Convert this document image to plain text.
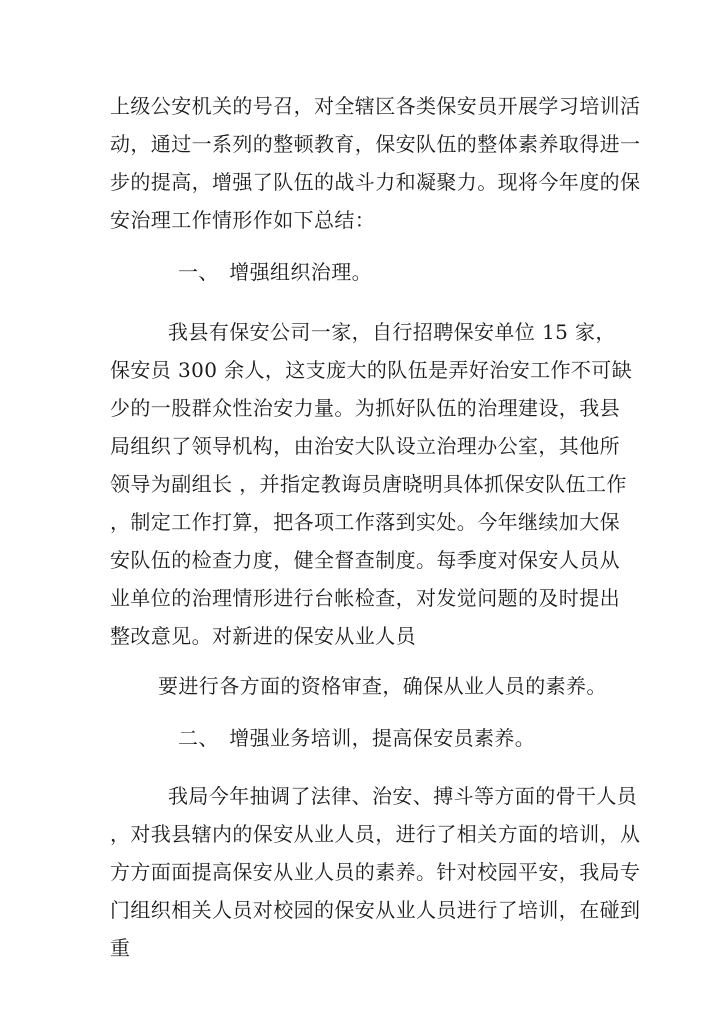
上级公安机关的号召，对全辖区各类保安员开展学习培训活
动，通过一系列的整顿教育，保安队伍的整体素养取得进一
步的提高，增强了队伍的战斗力和凝聚力。现将今年度的保
安治理工作情形作如下总结：
一、　增强组织治理。
我县有保安公司一家，自行招聘保安单位 15 家，
保安员 300 余人，这支庞大的队伍是弄好治安工作不可缺
少的一股群众性治安力量。为抓好队伍的治理建设，我县
局组织了领导机构，由治安大队设立治理办公室，其他所
领导为副组长 ，并指定教诲员唐晓明具体抓保安队伍工作
，制定工作打算，把各项工作落到实处。今年继续加大保
安队伍的检查力度，健全督查制度。每季度对保安人员从
业单位的治理情形进行台帐检查，对发觉问题的及时提出
整改意见。对新进的保安从业人员
要进行各方面的资格审查，确保从业人员的素养。
二、　增强业务培训，提高保安员素养。
我局今年抽调了法律、治安、搏斗等方面的骨干人员
，对我县辖内的保安从业人员，进行了相关方面的培训，从
方方面面提高保安从业人员的素养。针对校园平安，我局专
门组织相关人员对校园的保安从业人员进行了培训，在碰到
重
